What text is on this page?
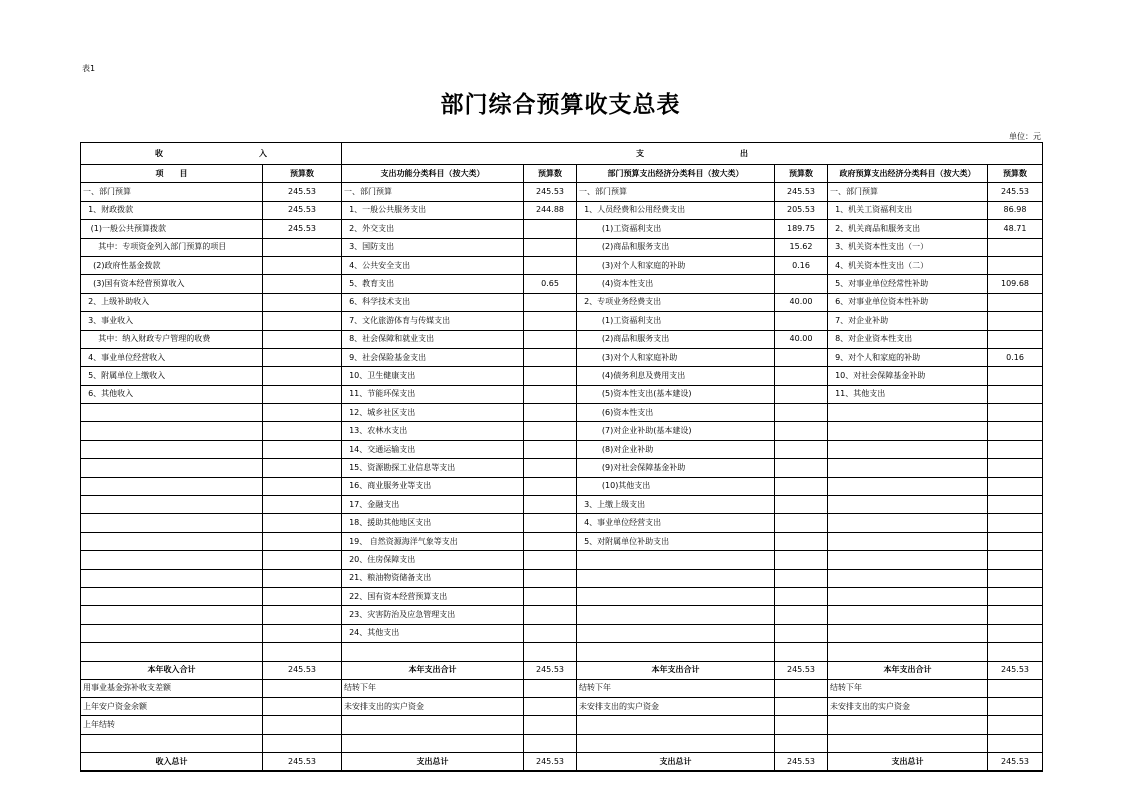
表1
部门综合预算收支总表
单位：元
收　　　　　　　　　　　　入		支　　　　　　　　　　　　出					
项　　目	预算数	支出功能分类科目（按大类）	预算数	部门预算支出经济分类科目（按大类）	预算数	政府预算支出经济分类科目（按大类）	预算数
一、部门预算	245.53	一、部门预算	245.53	一、部门预算	245.53	一、部门预算	245.53
1、财政拨款	245.53	1、一般公共服务支出	244.88	1、人员经费和公用经费支出	205.53	1、机关工资福利支出	86.98
(1)一般公共预算拨款	245.53	2、外交支出		(1)工资福利支出	189.75	2、机关商品和服务支出	48.71
其中：专项资金列入部门预算的项目		3、国防支出		(2)商品和服务支出	15.62	3、机关资本性支出（一）	
(2)政府性基金拨款		4、公共安全支出		(3)对个人和家庭的补助	0.16	4、机关资本性支出（二）	
(3)国有资本经营预算收入		5、教育支出	0.65	(4)资本性支出		5、对事业单位经常性补助	109.68
2、上级补助收入		6、科学技术支出		2、专项业务经费支出	40.00	6、对事业单位资本性补助	
3、事业收入		7、文化旅游体育与传媒支出		(1)工资福利支出		7、对企业补助	
其中：纳入财政专户管理的收费		8、社会保障和就业支出		(2)商品和服务支出	40.00	8、对企业资本性支出	
4、事业单位经营收入		9、社会保险基金支出		(3)对个人和家庭补助		9、对个人和家庭的补助	0.16
5、附属单位上缴收入		10、卫生健康支出		(4)债务利息及费用支出		10、对社会保障基金补助	
6、其他收入		11、节能环保支出		(5)资本性支出(基本建设)		11、其他支出	
		12、城乡社区支出		(6)资本性支出			
		13、农林水支出		(7)对企业补助(基本建设)			
		14、交通运输支出		(8)对企业补助			
		15、资源勘探工业信息等支出		(9)对社会保障基金补助			
		16、商业服务业等支出		(10)其他支出			
		17、金融支出		3、上缴上级支出			
		18、援助其他地区支出		4、事业单位经营支出			
		19、 自然资源海洋气象等支出		5、对附属单位补助支出			
		20、住房保障支出					
		21、粮油物资储备支出					
		22、国有资本经营预算支出					
		23、灾害防治及应急管理支出					
		24、其他支出					

本年收入合计	245.53	本年支出合计	245.53	本年支出合计	245.53	本年支出合计	245.53
用事业基金弥补收支差额		结转下年		结转下年		结转下年	
上年安户资金余额		未安排支出的实户资金		未安排支出的实户资金		未安排支出的实户资金	
上年结转							

收入总计	245.53	支出总计	245.53	支出总计	245.53	支出总计	245.53
